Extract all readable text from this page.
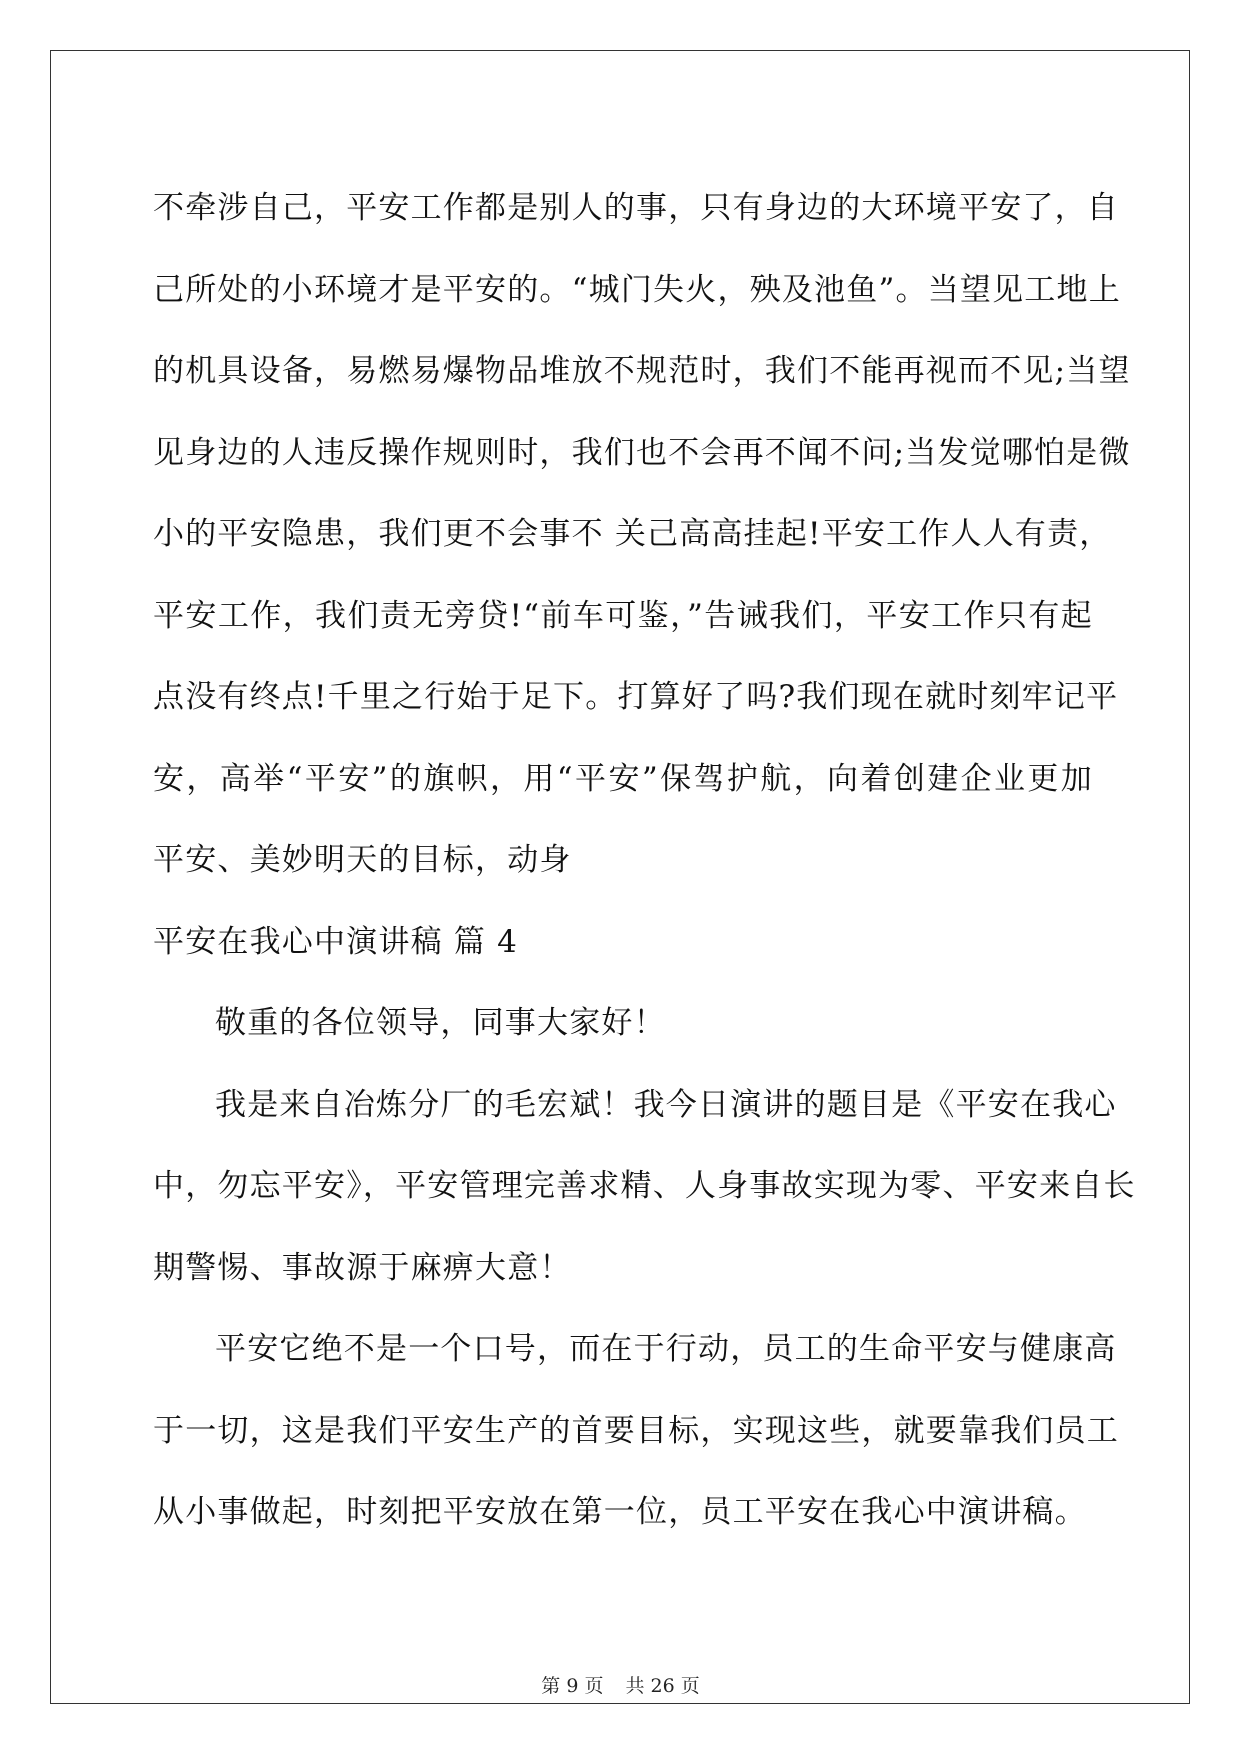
不牵涉自己，平安工作都是别人的事，只有身边的大环境平安了，自
己所处的小环境才是平安的。“城门失火，殃及池鱼”。当望见工地上
的机具设备，易燃易爆物品堆放不规范时，我们不能再视而不见;当望
见身边的人违反操作规则时，我们也不会再不闻不问;当发觉哪怕是微
小的平安隐患，我们更不会事不 关己高高挂起!平安工作人人有责，
平安工作，我们责无旁贷!“前车可鉴，”告诫我们，平安工作只有起
点没有终点!千里之行始于足下。打算好了吗?我们现在就时刻牢记平
安，高举“平安”的旗帜，用“平安”保驾护航，向着创建企业更加
平安、美妙明天的目标，动身
平安在我心中演讲稿 篇 4
敬重的各位领导，同事大家好！
我是来自冶炼分厂的毛宏斌！我今日演讲的题目是《平安在我心
中，勿忘平安》，平安管理完善求精、人身事故实现为零、平安来自长
期警惕、事故源于麻痹大意！
平安它绝不是一个口号，而在于行动，员工的生命平安与健康高
于一切，这是我们平安生产的首要目标，实现这些，就要靠我们员工
从小事做起，时刻把平安放在第一位，员工平安在我心中演讲稿。
第 9 页 共 26 页
